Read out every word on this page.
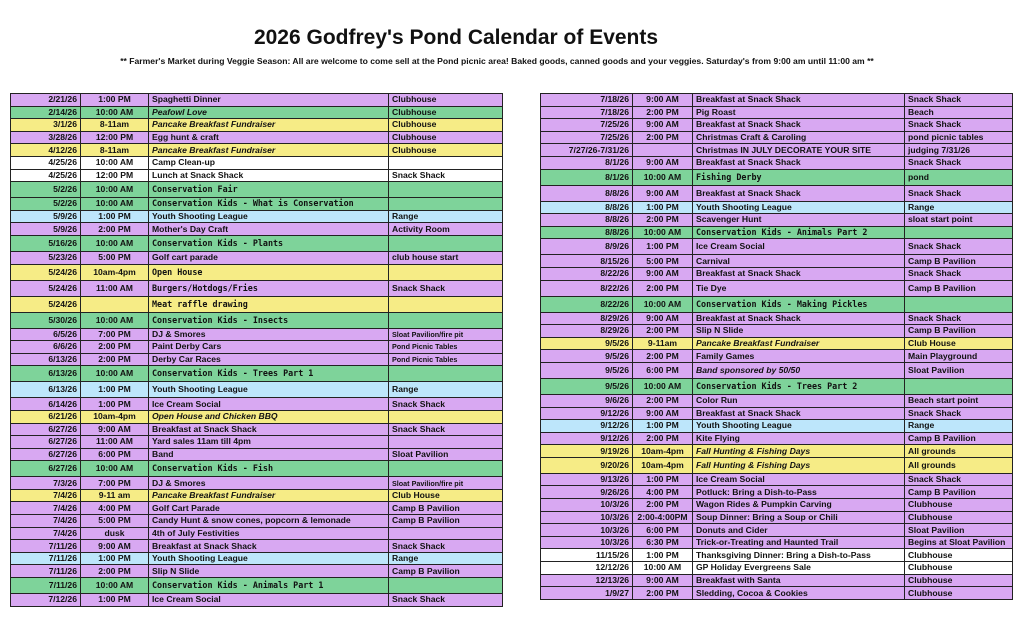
2026 Godfrey's Pond Calendar of Events
** Farmer's Market during Veggie Season: All are welcome to come sell at the Pond picnic area! Baked goods, canned goods and your veggies. Saturday's from 9:00 am until 11:00 am **
2/21/26	1:00 PM	Spaghetti Dinner	Clubhouse
2/14/26	10:00 AM	Peafowl Love	Clubhouse
3/1/26	8-11am	Pancake Breakfast Fundraiser	Clubhouse
3/28/26	12:00 PM	Egg hunt & craft	Clubhouse
4/12/26	8-11am	Pancake Breakfast Fundraiser	Clubhouse
4/25/26	10:00 AM	Camp Clean-up	
4/25/26	12:00 PM	Lunch at Snack Shack	Snack Shack
5/2/26	10:00 AM	Conservation Fair	
5/2/26	10:00 AM	Conservation Kids - What is Conservation	
5/9/26	1:00 PM	Youth Shooting League	Range
5/9/26	2:00 PM	Mother's Day Craft	Activity Room
5/16/26	10:00 AM	Conservation Kids - Plants	
5/23/26	5:00 PM	Golf cart parade	club house start
5/24/26	10am-4pm	Open House	
5/24/26	11:00 AM	Burgers/Hotdogs/Fries	Snack Shack
5/24/26		Meat raffle drawing	
5/30/26	10:00 AM	Conservation Kids - Insects	
6/5/26	7:00 PM	DJ & Smores	Sloat Pavilion/fire pit
6/6/26	2:00 PM	Paint Derby Cars	Pond Picnic Tables
6/13/26	2:00 PM	Derby Car Races	Pond Picnic Tables
6/13/26	10:00 AM	Conservation Kids - Trees Part 1	
6/13/26	1:00 PM	Youth Shooting League	Range
6/14/26	1:00 PM	Ice Cream Social	Snack Shack
6/21/26	10am-4pm	Open House and Chicken BBQ	
6/27/26	9:00 AM	Breakfast at Snack Shack	Snack Shack
6/27/26	11:00 AM	Yard sales 11am till 4pm	
6/27/26	6:00 PM	Band	Sloat Pavilion
6/27/26	10:00 AM	Conservation Kids - Fish	
7/3/26	7:00 PM	DJ & Smores	Sloat Pavilion/fire pit
7/4/26	9-11 am	Pancake Breakfast Fundraiser	Club House
7/4/26	4:00 PM	Golf Cart Parade	Camp B Pavilion
7/4/26	5:00 PM	Candy Hunt & snow cones, popcorn & lemonade	Camp B Pavilion
7/4/26	dusk	4th of July Festivities	
7/11/26	9:00 AM	Breakfast at Snack Shack	Snack Shack
7/11/26	1:00 PM	Youth Shooting League	Range
7/11/26	2:00 PM	Slip N Slide	Camp B Pavilion
7/11/26	10:00 AM	Conservation Kids - Animals Part 1	
7/12/26	1:00 PM	Ice Cream Social	Snack Shack
7/18/26	9:00 AM	Breakfast at Snack Shack	Snack Shack
7/18/26	2:00 PM	Pig Roast	Beach
7/25/26	9:00 AM	Breakfast at Snack Shack	Snack Shack
7/25/26	2:00 PM	Christmas Craft & Caroling	pond picnic tables
7/27/26-7/31/26		Christmas IN JULY DECORATE YOUR SITE	judging 7/31/26
8/1/26	9:00 AM	Breakfast at Snack Shack	Snack Shack
8/1/26	10:00 AM	Fishing Derby	pond
8/8/26	9:00 AM	Breakfast at Snack Shack	Snack Shack
8/8/26	1:00 PM	Youth Shooting League	Range
8/8/26	2:00 PM	Scavenger Hunt	sloat start point
8/8/26	10:00 AM	Conservation Kids - Animals Part 2	
8/9/26	1:00 PM	Ice Cream Social	Snack Shack
8/15/26	5:00 PM	Carnival	Camp B Pavilion
8/22/26	9:00 AM	Breakfast at Snack Shack	Snack Shack
8/22/26	2:00 PM	Tie Dye	Camp B Pavilion
8/22/26	10:00 AM	Conservation Kids - Making Pickles	
8/29/26	9:00 AM	Breakfast at Snack Shack	Snack Shack
8/29/26	2:00 PM	Slip N Slide	Camp B Pavilion
9/5/26	9-11am	Pancake Breakfast Fundraiser	Club House
9/5/26	2:00 PM	Family Games	Main Playground
9/5/26	6:00 PM	Band sponsored by 50/50	Sloat Pavilion
9/5/26	10:00 AM	Conservation Kids - Trees Part 2	
9/6/26	2:00 PM	Color Run	Beach start point
9/12/26	9:00 AM	Breakfast at Snack Shack	Snack Shack
9/12/26	1:00 PM	Youth Shooting League	Range
9/12/26	2:00 PM	Kite Flying	Camp B Pavilion
9/19/26	10am-4pm	Fall Hunting & Fishing Days	All grounds
9/20/26	10am-4pm	Fall Hunting & Fishing Days	All grounds
9/13/26	1:00 PM	Ice Cream Social	Snack Shack
9/26/26	4:00 PM	Potluck: Bring a Dish-to-Pass	Camp B Pavilion
10/3/26	2:00 PM	Wagon Rides & Pumpkin Carving	Clubhouse
10/3/26	2:00-4:00PM	Soup Dinner: Bring a Soup or Chili	Clubhouse
10/3/26	6:00 PM	Donuts and Cider	Sloat Pavilion
10/3/26	6:30 PM	Trick-or-Treating and Haunted Trail	Begins at Sloat Pavilion
11/15/26	1:00 PM	Thanksgiving Dinner: Bring a Dish-to-Pass	Clubhouse
12/12/26	10:00 AM	GP Holiday Evergreens Sale	Clubhouse
12/13/26	9:00 AM	Breakfast with Santa	Clubhouse
1/9/27	2:00 PM	Sledding, Cocoa & Cookies	Clubhouse
